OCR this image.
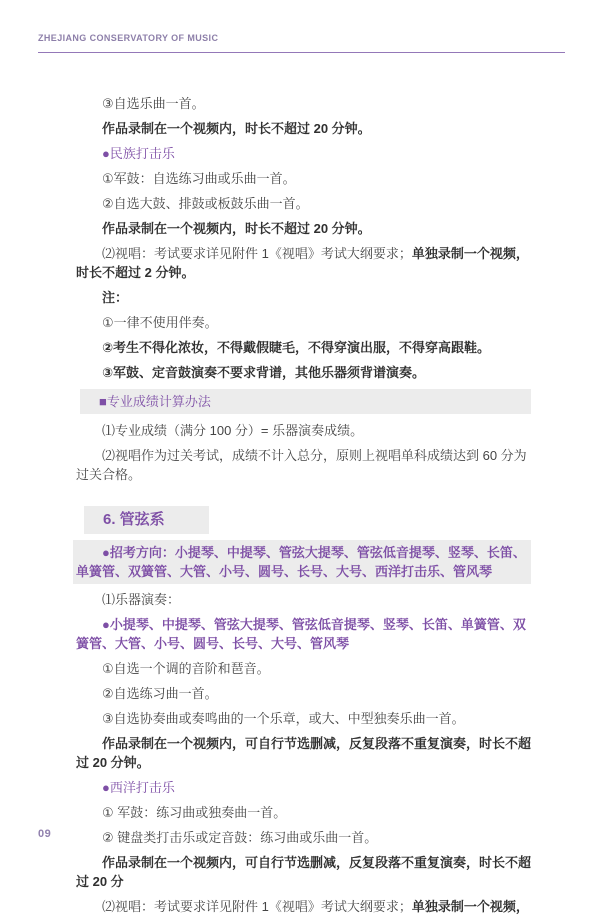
ZHEJIANG CONSERVATORY OF MUSIC
③自选乐曲一首。
作品录制在一个视频内，时长不超过 20 分钟。
●民族打击乐
①军鼓：自选练习曲或乐曲一首。
②自选大鼓、排鼓或板鼓乐曲一首。
作品录制在一个视频内，时长不超过 20 分钟。
⑵视唱：考试要求详见附件 1《视唱》考试大纲要求；单独录制一个视频，时长不超过 2 分钟。
注：
①一律不使用伴奏。
②考生不得化浓妆，不得戴假睫毛，不得穿演出服，不得穿高跟鞋。
③军鼓、定音鼓演奏不要求背谱，其他乐器须背谱演奏。
■专业成绩计算办法
⑴专业成绩（满分 100 分）= 乐器演奏成绩。
⑵视唱作为过关考试，成绩不计入总分，原则上视唱单科成绩达到 60 分为过关合格。
6. 管弦系
●招考方向：小提琴、中提琴、管弦大提琴、管弦低音提琴、竖琴、长笛、单簧管、双簧管、大管、小号、圆号、长号、大号、西洋打击乐、管风琴
⑴乐器演奏：
●小提琴、中提琴、管弦大提琴、管弦低音提琴、竖琴、长笛、单簧管、双簧管、大管、小号、圆号、长号、大号、管风琴
①自选一个调的音阶和琶音。
②自选练习曲一首。
③自选协奏曲或奏鸣曲的一个乐章，或大、中型独奏乐曲一首。
作品录制在一个视频内，可自行节选删减，反复段落不重复演奏，时长不超过 20 分钟。
●西洋打击乐
① 军鼓：练习曲或独奏曲一首。
② 键盘类打击乐或定音鼓：练习曲或乐曲一首。
作品录制在一个视频内，可自行节选删减，反复段落不重复演奏，时长不超过 20 分
⑵视唱：考试要求详见附件 1《视唱》考试大纲要求；单独录制一个视频，
09
